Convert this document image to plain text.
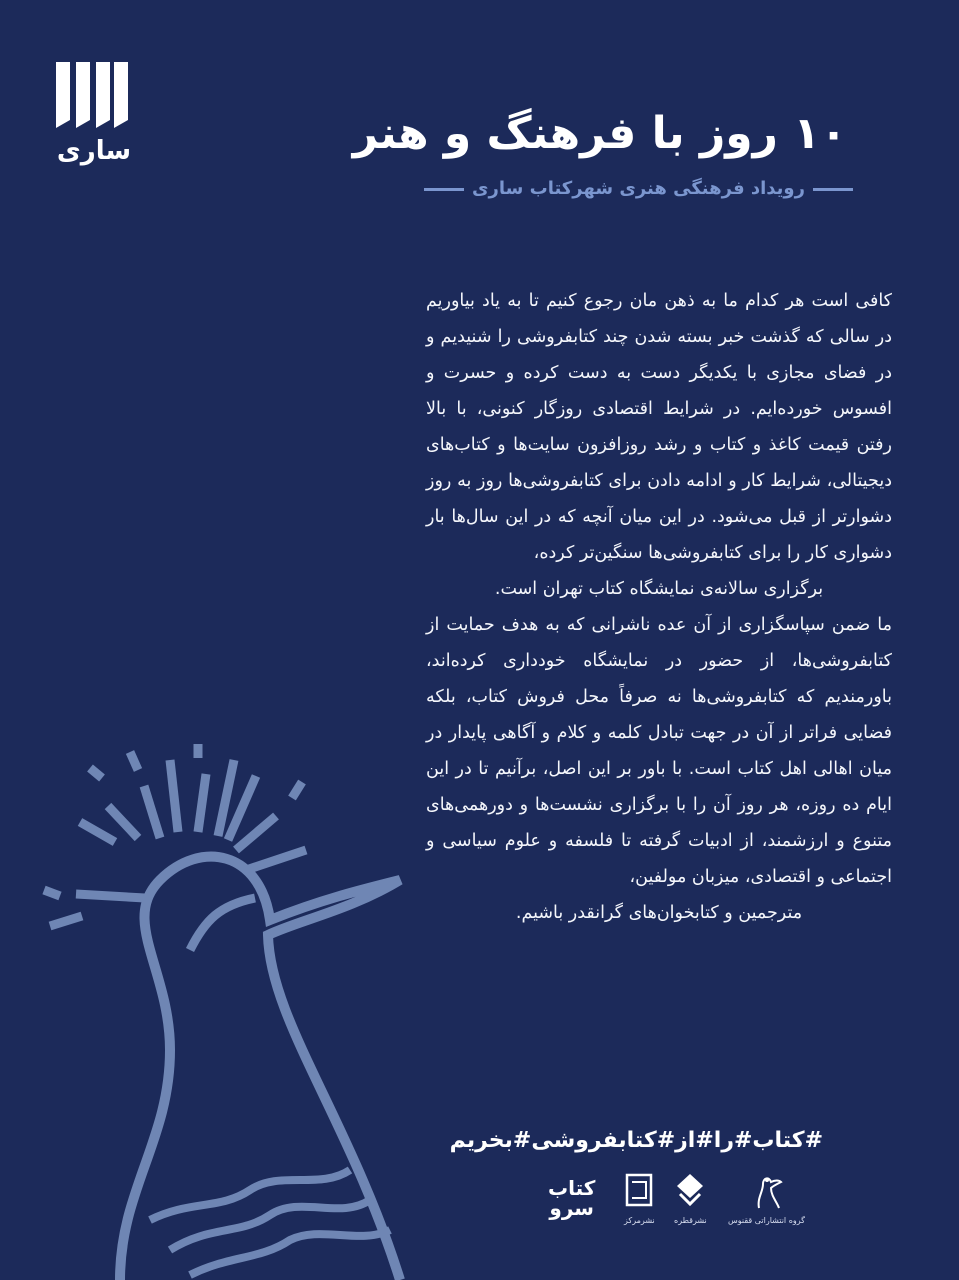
ساری	۱۰ روز با فرهنگ و هنر
رویداد فرهنگی هنری شهرکتاب ساری

کافی است هر کدام ما به ذهن مان رجوع کنیم تا به یاد بیاوریم در سالی که گذشت خبر بسته شدن چند کتابفروشی را شنیدیم و در فضای مجازی با یکدیگر دست به دست کرده و حسرت و افسوس خورده‌ایم. در شرایط اقتصادی روزگار کنونی، با بالا رفتن قیمت کاغذ و کتاب و رشد روزافزون سایت‌ها و کتاب‌های دیجیتالی، شرایط کار و ادامه دادن برای کتابفروشی‌ها روز به روز دشوارتر از قبل می‌شود. در این میان آنچه که در این سال‌ها بار دشواری کار را برای کتابفروشی‌ها سنگین‌تر کرده،

برگزاری سالانه‌ی نمایشگاه کتاب تهران است.

ما ضمن سپاسگزاری از آن عده ناشرانی که به هدف حمایت از کتابفروشی‌ها، از حضور در نمایشگاه خودداری کرده‌اند، باورمندیم که کتابفروشی‌ها نه صرفاً محل فروش کتاب، بلکه فضایی فراتر از آن در جهت تبادل کلمه و کلام و آگاهی پایدار در میان اهالی اهل کتاب است. با باور بر این اصل، برآنیم تا در این ایام ده روزه، هر روز آن را با برگزاری نشست‌ها و دورهمی‌های متنوع و ارزشمند، از ادبیات گرفته تا فلسفه و علوم سیاسی و اجتماعی و اقتصادی، میزبان مولفین،

مترجمین و کتابخوان‌های گرانقدر باشیم.

#کتاب#را#از#کتابفروشی#بخریم
کتاب
سرو
نشرمرکز نشرقطره	گروه انتشاراتی ققنوس
